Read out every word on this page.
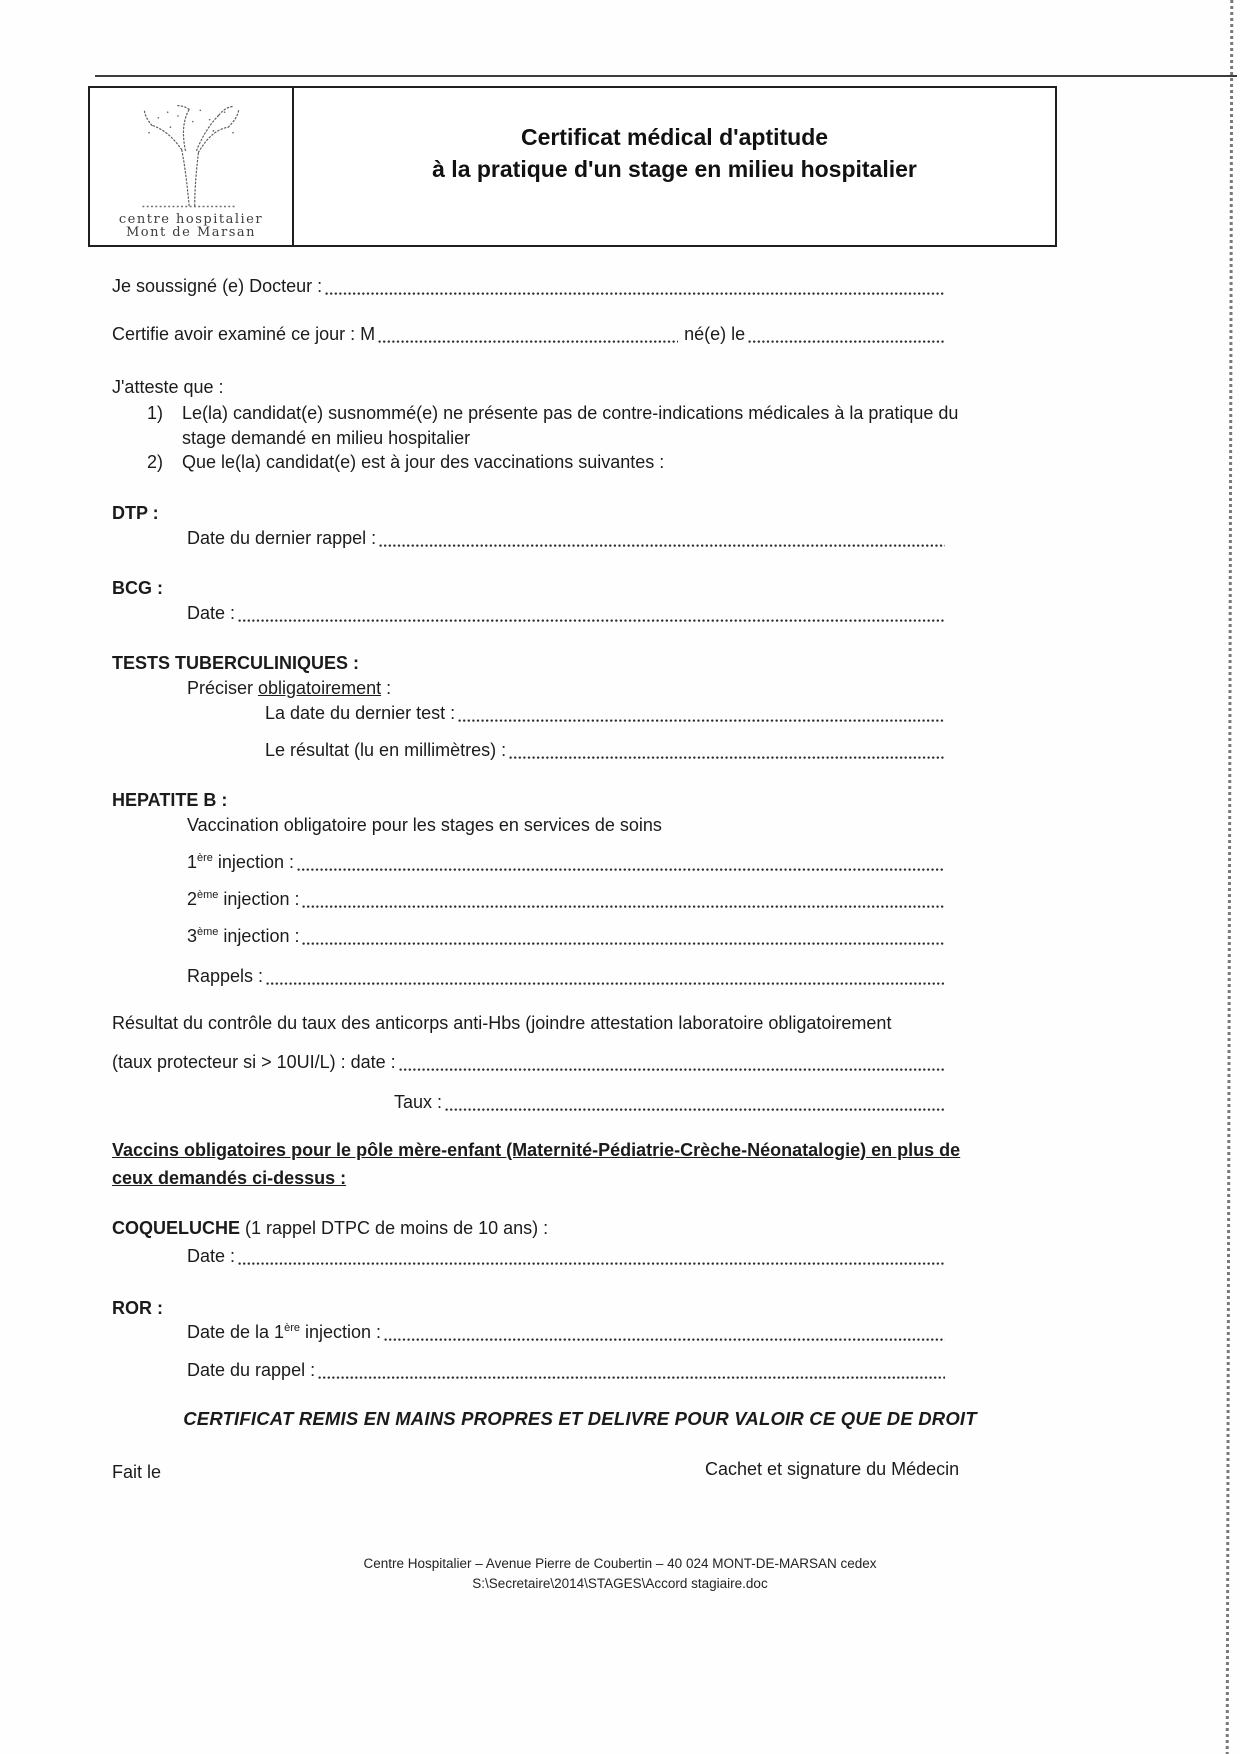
centre hospitalier
Mont de Marsan
Certificat médical d'aptitude
à la pratique d'un stage en milieu hospitalier
Je soussigné (e) Docteur :
Certifie avoir examiné ce jour : M	né(e) le
J'atteste que :
1)	Le(la) candidat(e) susnommé(e) ne présente pas de contre-indications médicales à la pratique du
stage demandé en milieu hospitalier
2)	Que le(la) candidat(e) est à jour des vaccinations suivantes :
DTP :
Date du dernier rappel :
BCG :
Date :
TESTS TUBERCULINIQUES :
Préciser obligatoirement :
La date du dernier test :
Le résultat (lu en millimètres) :
HEPATITE B :
Vaccination obligatoire pour les stages en services de soins
1ère injection :
2ème injection :
3ème injection :
Rappels :
Résultat du contrôle du taux des anticorps anti-Hbs (joindre attestation laboratoire obligatoirement
(taux protecteur si > 10UI/L) : date :
Taux :
Vaccins obligatoires pour le pôle mère-enfant (Maternité-Pédiatrie-Crèche-Néonatalogie) en plus de
ceux demandés ci-dessus :
COQUELUCHE (1 rappel DTPC de moins de 10 ans) :
Date :
ROR :
Date de la 1ère injection :
Date du rappel :
CERTIFICAT REMIS EN MAINS PROPRES ET DELIVRE POUR VALOIR CE QUE DE DROIT
Fait le	Cachet et signature du Médecin
Centre Hospitalier – Avenue Pierre de Coubertin – 40 024 MONT-DE-MARSAN cedex
S:\Secretaire\2014\STAGES\Accord stagiaire.doc
